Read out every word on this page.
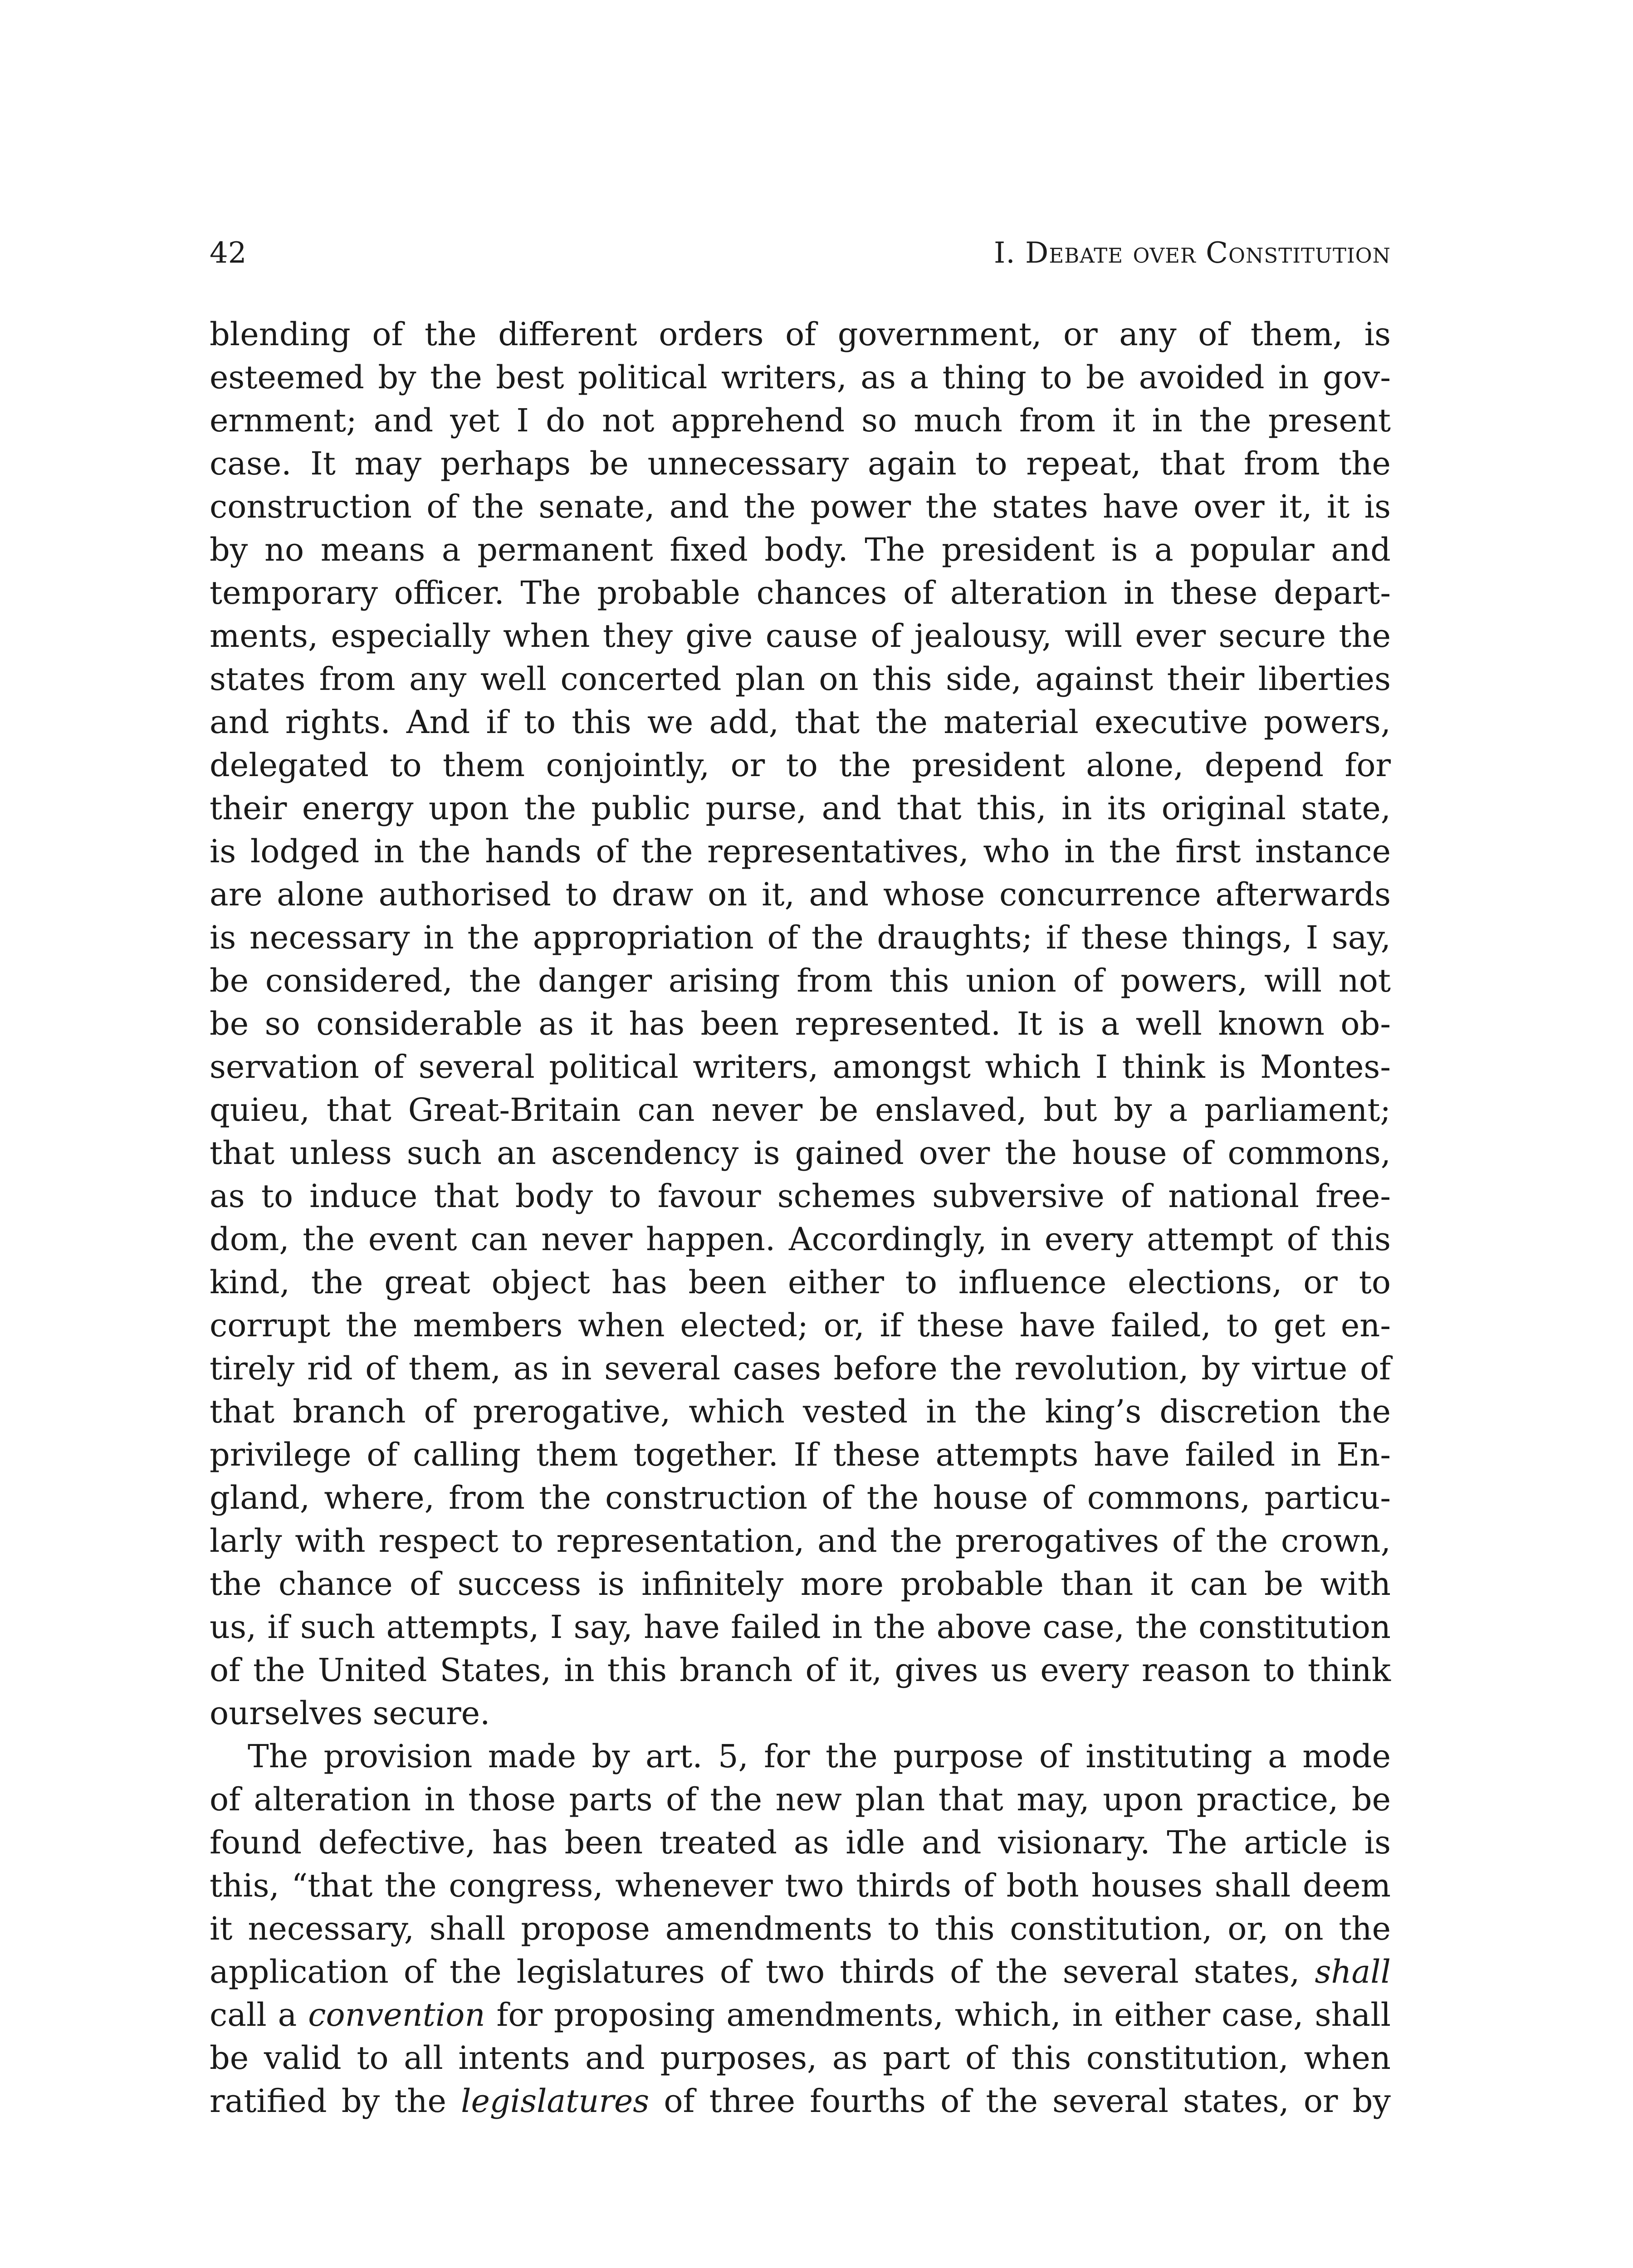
42	I. Debate over Constitution
blending of the different orders of government, or any of them, is
esteemed by the best political writers, as a thing to be avoided in gov-
ernment; and yet I do not apprehend so much from it in the present
case. It may perhaps be unnecessary again to repeat, that from the
construction of the senate, and the power the states have over it, it is
by no means a permanent fixed body. The president is a popular and
temporary officer. The probable chances of alteration in these depart-
ments, especially when they give cause of jealousy, will ever secure the
states from any well concerted plan on this side, against their liberties
and rights. And if to this we add, that the material executive powers,
delegated to them conjointly, or to the president alone, depend for
their energy upon the public purse, and that this, in its original state,
is lodged in the hands of the representatives, who in the first instance
are alone authorised to draw on it, and whose concurrence afterwards
is necessary in the appropriation of the draughts; if these things, I say,
be considered, the danger arising from this union of powers, will not
be so considerable as it has been represented. It is a well known ob-
servation of several political writers, amongst which I think is Montes-
quieu, that Great-Britain can never be enslaved, but by a parliament;
that unless such an ascendency is gained over the house of commons,
as to induce that body to favour schemes subversive of national free-
dom, the event can never happen. Accordingly, in every attempt of this
kind, the great object has been either to influence elections, or to
corrupt the members when elected; or, if these have failed, to get en-
tirely rid of them, as in several cases before the revolution, by virtue of
that branch of prerogative, which vested in the king’s discretion the
privilege of calling them together. If these attempts have failed in En-
gland, where, from the construction of the house of commons, particu-
larly with respect to representation, and the prerogatives of the crown,
the chance of success is infinitely more probable than it can be with
us, if such attempts, I say, have failed in the above case, the constitution
of the United States, in this branch of it, gives us every reason to think
ourselves secure.
The provision made by art. 5, for the purpose of instituting a mode
of alteration in those parts of the new plan that may, upon practice, be
found defective, has been treated as idle and visionary. The article is
this, “that the congress, whenever two thirds of both houses shall deem
it necessary, shall propose amendments to this constitution, or, on the
application of the legislatures of two thirds of the several states, shall
call a convention for proposing amendments, which, in either case, shall
be valid to all intents and purposes, as part of this constitution, when
ratified by the legislatures of three fourths of the several states, or by
